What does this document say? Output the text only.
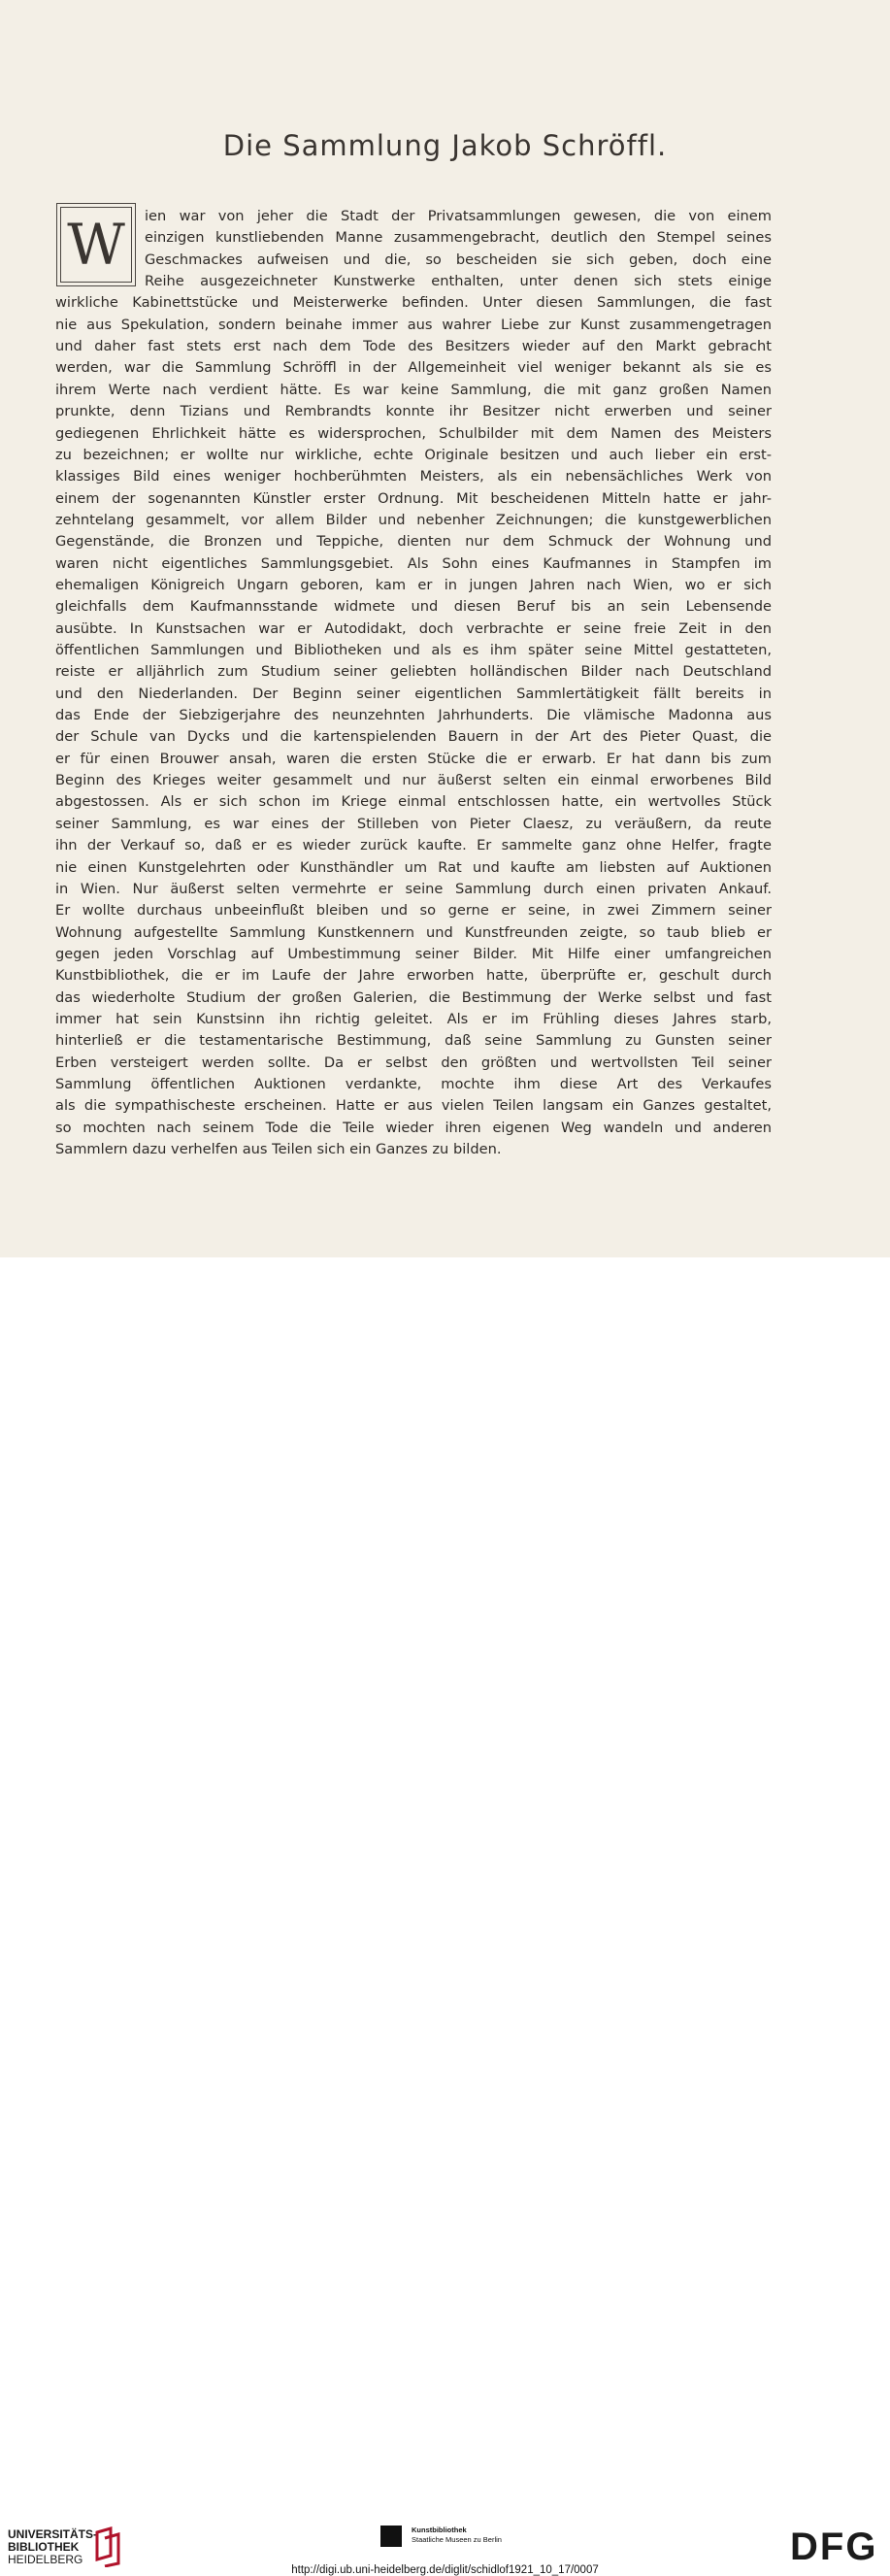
Die Sammlung Jakob Schröffl.
W	ien war von jeher die Stadt der Privatsammlungen gewesen, die von einem
einzigen kunstliebenden Manne zusammengebracht, deutlich den Stempel seines
Geschmackes aufweisen und die, so bescheiden sie sich geben, doch eine
Reihe ausgezeichneter Kunstwerke enthalten, unter denen sich stets einige
wirkliche Kabinettstücke und Meisterwerke befinden. Unter diesen Sammlungen, die fast
nie aus Spekulation, sondern beinahe immer aus wahrer Liebe zur Kunst zusammengetragen
und daher fast stets erst nach dem Tode des Besitzers wieder auf den Markt gebracht
werden, war die Sammlung Schröffl in der Allgemeinheit viel weniger bekannt als sie es
ihrem Werte nach verdient hätte. Es war keine Sammlung, die mit ganz großen Namen
prunkte, denn Tizians und Rembrandts konnte ihr Besitzer nicht erwerben und seiner
gediegenen Ehrlichkeit hätte es widersprochen, Schulbilder mit dem Namen des Meisters
zu bezeichnen; er wollte nur wirkliche, echte Originale besitzen und auch lieber ein erst-
klassiges Bild eines weniger hochberühmten Meisters, als ein nebensächliches Werk von
einem der sogenannten Künstler erster Ordnung. Mit bescheidenen Mitteln hatte er jahr-
zehntelang gesammelt, vor allem Bilder und nebenher Zeichnungen; die kunstgewerblichen
Gegenstände, die Bronzen und Teppiche, dienten nur dem Schmuck der Wohnung und
waren nicht eigentliches Sammlungsgebiet. Als Sohn eines Kaufmannes in Stampfen im
ehemaligen Königreich Ungarn geboren, kam er in jungen Jahren nach Wien, wo er sich
gleichfalls dem Kaufmannsstande widmete und diesen Beruf bis an sein Lebensende
ausübte. In Kunstsachen war er Autodidakt, doch verbrachte er seine freie Zeit in den
öffentlichen Sammlungen und Bibliotheken und als es ihm später seine Mittel gestatteten,
reiste er alljährlich zum Studium seiner geliebten holländischen Bilder nach Deutschland
und den Niederlanden. Der Beginn seiner eigentlichen Sammlertätigkeit fällt bereits in
das Ende der Siebzigerjahre des neunzehnten Jahrhunderts. Die vlämische Madonna aus
der Schule van Dycks und die kartenspielenden Bauern in der Art des Pieter Quast, die
er für einen Brouwer ansah, waren die ersten Stücke die er erwarb. Er hat dann bis zum
Beginn des Krieges weiter gesammelt und nur äußerst selten ein einmal erworbenes Bild
abgestossen. Als er sich schon im Kriege einmal entschlossen hatte, ein wertvolles Stück
seiner Sammlung, es war eines der Stilleben von Pieter Claesz, zu veräußern, da reute
ihn der Verkauf so, daß er es wieder zurück kaufte. Er sammelte ganz ohne Helfer, fragte
nie einen Kunstgelehrten oder Kunsthändler um Rat und kaufte am liebsten auf Auktionen
in Wien. Nur äußerst selten vermehrte er seine Sammlung durch einen privaten Ankauf.
Er wollte durchaus unbeeinflußt bleiben und so gerne er seine, in zwei Zimmern seiner
Wohnung aufgestellte Sammlung Kunstkennern und Kunstfreunden zeigte, so taub blieb er
gegen jeden Vorschlag auf Umbestimmung seiner Bilder. Mit Hilfe einer umfangreichen
Kunstbibliothek, die er im Laufe der Jahre erworben hatte, überprüfte er, geschult durch
das wiederholte Studium der großen Galerien, die Bestimmung der Werke selbst und fast
immer hat sein Kunstsinn ihn richtig geleitet. Als er im Frühling dieses Jahres starb,
hinterließ er die testamentarische Bestimmung, daß seine Sammlung zu Gunsten seiner
Erben versteigert werden sollte. Da er selbst den größten und wertvollsten Teil seiner
Sammlung öffentlichen Auktionen verdankte, mochte ihm diese Art des Verkaufes
als die sympathischeste erscheinen. Hatte er aus vielen Teilen langsam ein Ganzes gestaltet,
so mochten nach seinem Tode die Teile wieder ihren eigenen Weg wandeln und anderen
Sammlern dazu verhelfen aus Teilen sich ein Ganzes zu bilden.
UNIVERSITÄTS-
BIBLIOTHEK
HEIDELBERG
Kunstbibliothek
Staatliche Museen zu Berlin	DFG
http://digi.ub.uni-heidelberg.de/diglit/schidlof1921_10_17/0007
